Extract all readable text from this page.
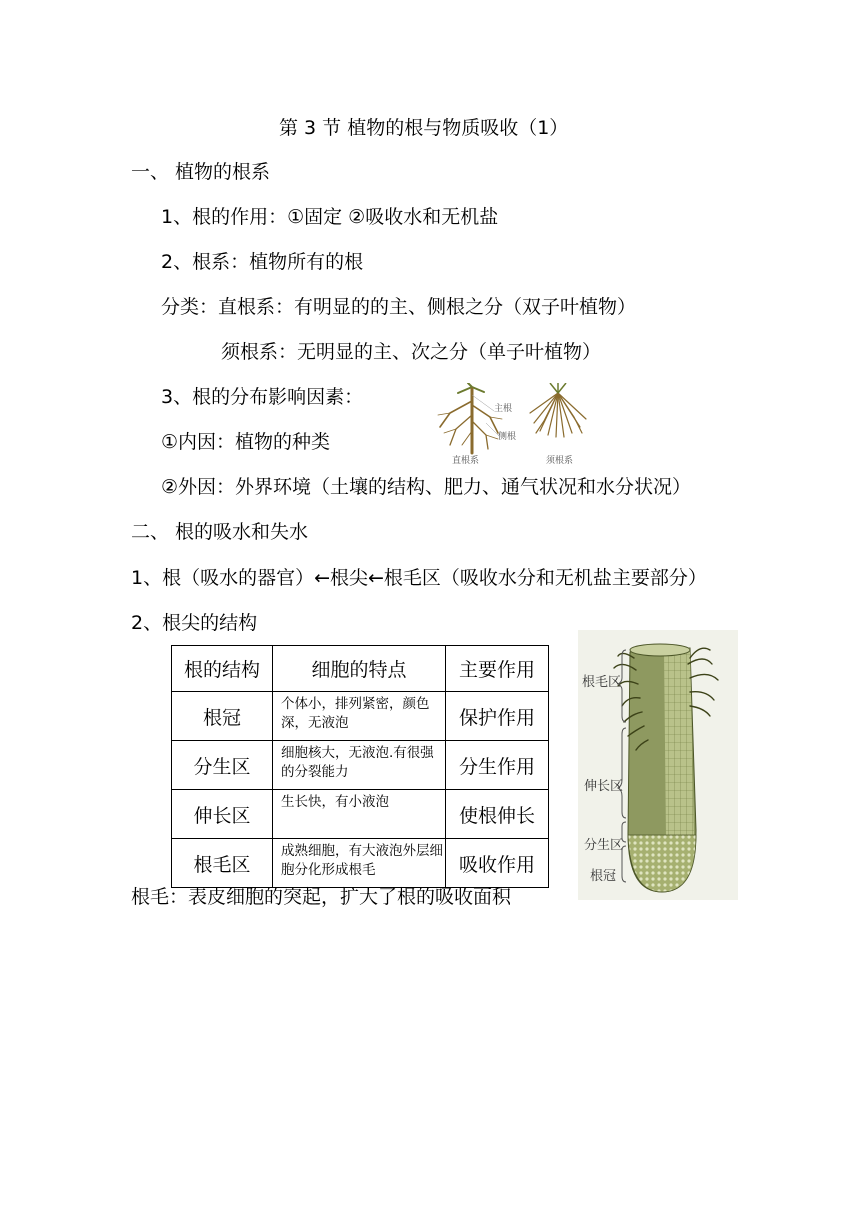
第 3 节 植物的根与物质吸收（1）
一、 植物的根系
1、根的作用：①固定 ②吸收水和无机盐
2、根系：植物所有的根
分类：直根系：有明显的的主、侧根之分（双子叶植物）
须根系：无明显的主、次之分（单子叶植物）
3、根的分布影响因素：
①内因：植物的种类
②外因：外界环境（土壤的结构、肥力、通气状况和水分状况）
主根
侧根
直根系	须根系
二、 根的吸水和失水
1、根（吸水的器官）←根尖←根毛区（吸收水分和无机盐主要部分）
2、根尖的结构
根的结构	细胞的特点	主要作用
根冠	个体小，排列紧密，颜色深，无液泡	保护作用
分生区	细胞核大，无液泡.有很强的分裂能力	分生作用
伸长区	生长快，有小液泡	使根伸长
根毛区	成熟细胞，有大液泡外层细胞分化形成根毛	吸收作用
根毛区
伸长区
分生区
根冠
根毛：表皮细胞的突起，扩大了根的吸收面积
